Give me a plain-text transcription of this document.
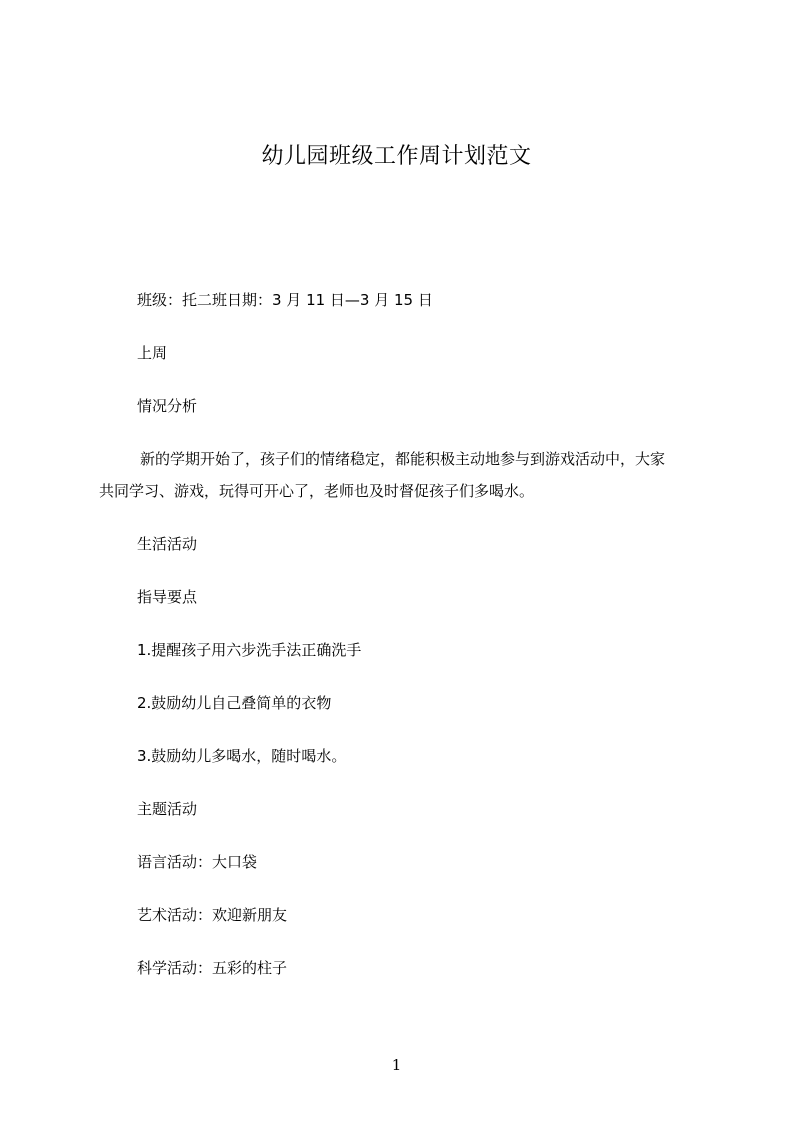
幼儿园班级工作周计划范文

班级：托二班日期：3 月 11 日—3 月 15 日

上周

情况分析

新的学期开始了，孩子们的情绪稳定，都能积极主动地参与到游戏活动中，大家
共同学习、游戏，玩得可开心了，老师也及时督促孩子们多喝水。

生活活动

指导要点

1.提醒孩子用六步洗手法正确洗手

2.鼓励幼儿自己叠简单的衣物

3.鼓励幼儿多喝水，随时喝水。

主题活动

语言活动：大口袋

艺术活动：欢迎新朋友

科学活动：五彩的柱子

1
